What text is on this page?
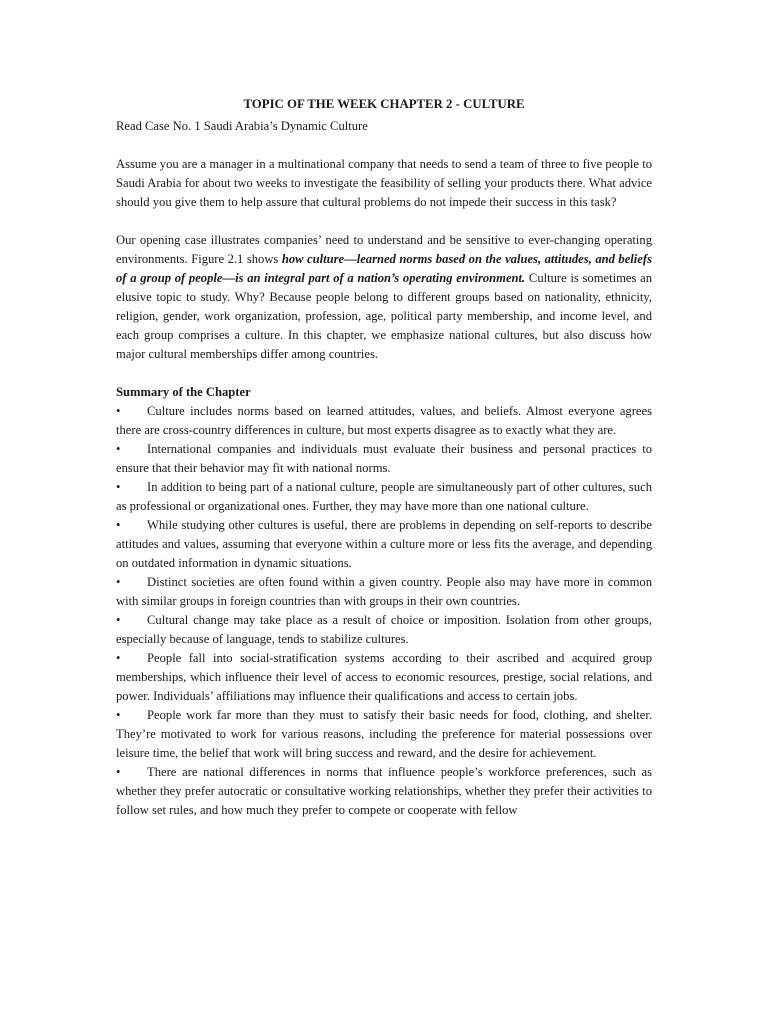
TOPIC OF THE WEEK CHAPTER 2 - CULTURE
Read Case No. 1 Saudi Arabia’s Dynamic Culture

Assume you are a manager in a multinational company that needs to send a team of three to five people to Saudi Arabia for about two weeks to investigate the feasibility of selling your products there. What advice should you give them to help assure that cultural problems do not impede their success in this task?

Our opening case illustrates companies’ need to understand and be sensitive to ever-changing operating environments. Figure 2.1 shows how culture—learned norms based on the values, attitudes, and beliefs of a group of people—is an integral part of a nation’s operating environment. Culture is sometimes an elusive topic to study. Why? Because people belong to different groups based on nationality, ethnicity, religion, gender, work organization, profession, age, political party membership, and income level, and each group comprises a culture. In this chapter, we emphasize national cultures, but also discuss how major cultural memberships differ among countries.

Summary of the Chapter

• Culture includes norms based on learned attitudes, values, and beliefs. Almost everyone agrees there are cross-country differences in culture, but most experts disagree as to exactly what they are.

• International companies and individuals must evaluate their business and personal practices to ensure that their behavior may fit with national norms.

• In addition to being part of a national culture, people are simultaneously part of other cultures, such as professional or organizational ones. Further, they may have more than one national culture.

• While studying other cultures is useful, there are problems in depending on self-reports to describe attitudes and values, assuming that everyone within a culture more or less fits the average, and depending on outdated information in dynamic situations.

• Distinct societies are often found within a given country. People also may have more in common with similar groups in foreign countries than with groups in their own countries.

• Cultural change may take place as a result of choice or imposition. Isolation from other groups, especially because of language, tends to stabilize cultures.

• People fall into social-stratification systems according to their ascribed and acquired group memberships, which influence their level of access to economic resources, prestige, social relations, and power. Individuals’ affiliations may influence their qualifications and access to certain jobs.

• People work far more than they must to satisfy their basic needs for food, clothing, and shelter. They’re motivated to work for various reasons, including the preference for material possessions over leisure time, the belief that work will bring success and reward, and the desire for achievement.

• There are national differences in norms that influence people’s workforce preferences, such as whether they prefer autocratic or consultative working relationships, whether they prefer their activities to follow set rules, and how much they prefer to compete or cooperate with fellow
